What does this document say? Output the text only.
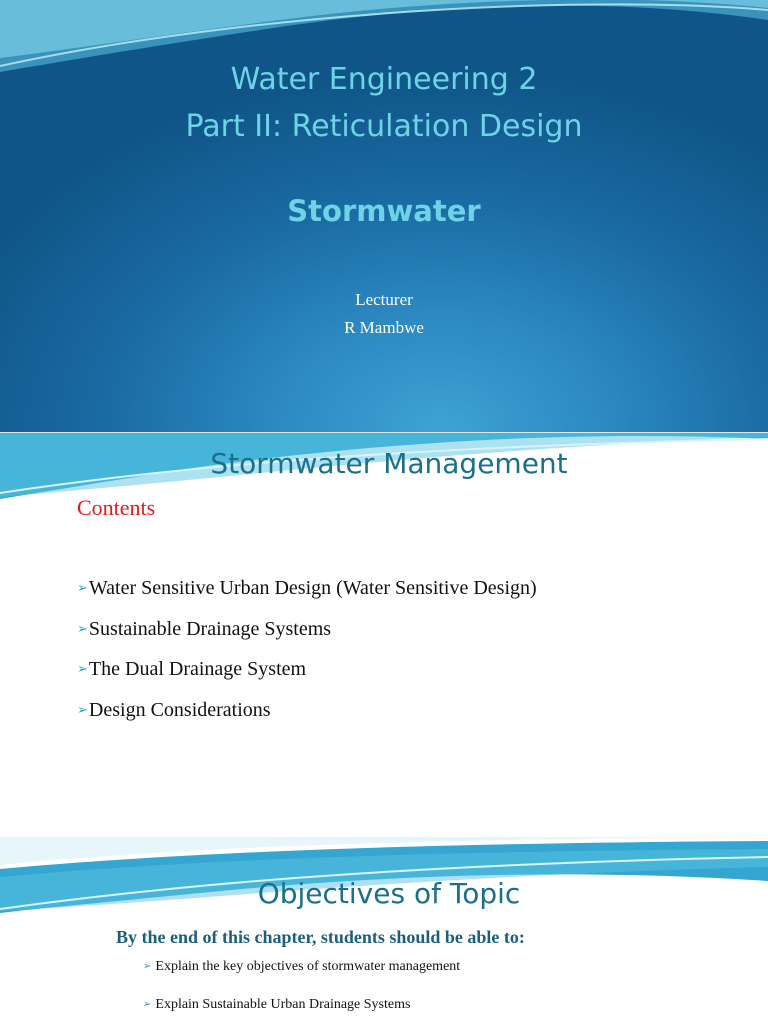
Water Engineering 2
Part II: Reticulation Design
Stormwater
Lecturer
R Mambwe
Stormwater Management
Contents
➢Water Sensitive Urban Design (Water Sensitive Design)
➢Sustainable Drainage Systems
➢The Dual Drainage System
➢Design Considerations
Objectives of Topic
By the end of this chapter, students should be able to:
➢ Explain the key objectives of stormwater management
➢ Explain Sustainable Urban Drainage Systems
